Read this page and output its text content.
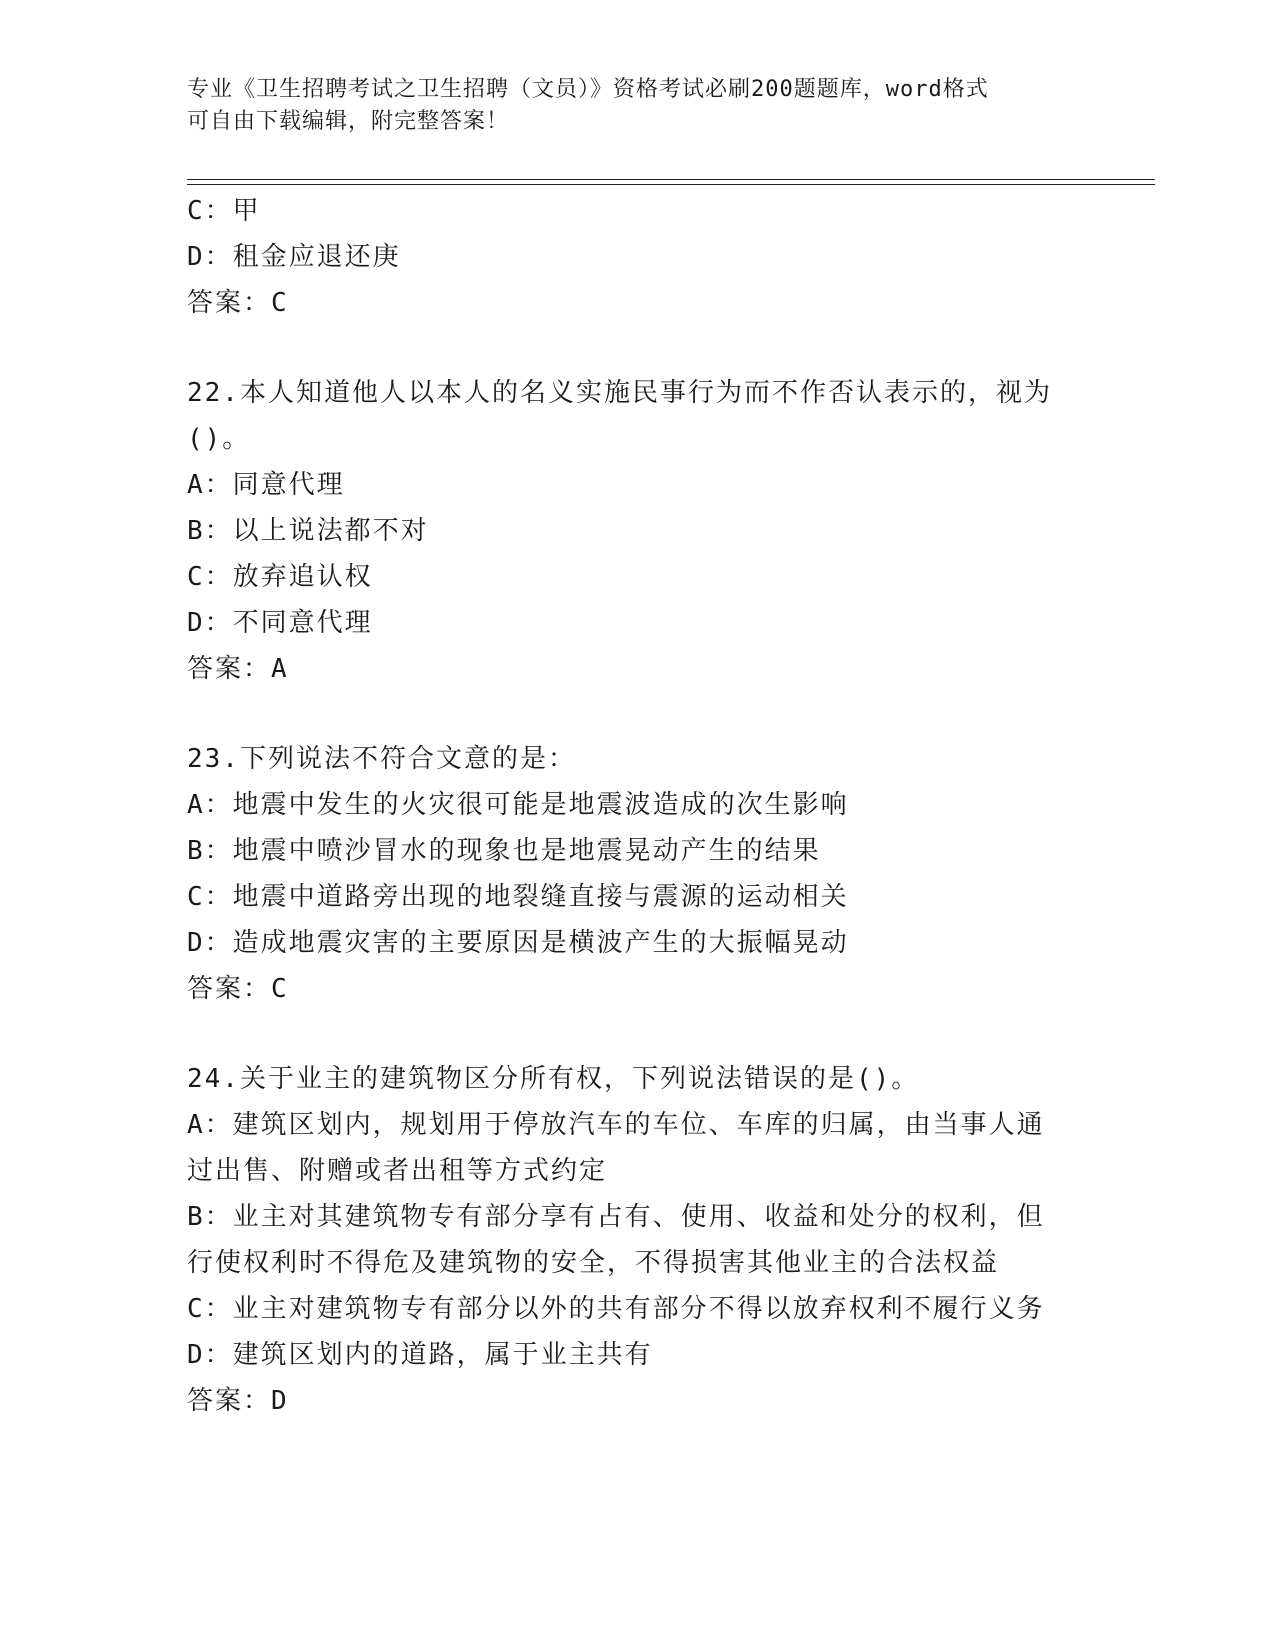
专业《卫生招聘考试之卫生招聘（文员）》资格考试必刷200题题库，word格式
可自由下载编辑，附完整答案！
C：甲
D：租金应退还庚
答案：C
22.本人知道他人以本人的名义实施民事行为而不作否认表示的，视为
()。
A：同意代理
B：以上说法都不对
C：放弃追认权
D：不同意代理
答案：A
23.下列说法不符合文意的是：
A：地震中发生的火灾很可能是地震波造成的次生影响
B：地震中喷沙冒水的现象也是地震晃动产生的结果
C：地震中道路旁出现的地裂缝直接与震源的运动相关
D：造成地震灾害的主要原因是横波产生的大振幅晃动
答案：C
24.关于业主的建筑物区分所有权，下列说法错误的是()。
A：建筑区划内，规划用于停放汽车的车位、车库的归属，由当事人通
过出售、附赠或者出租等方式约定
B：业主对其建筑物专有部分享有占有、使用、收益和处分的权利，但
行使权利时不得危及建筑物的安全，不得损害其他业主的合法权益
C：业主对建筑物专有部分以外的共有部分不得以放弃权利不履行义务
D：建筑区划内的道路，属于业主共有
答案：D
